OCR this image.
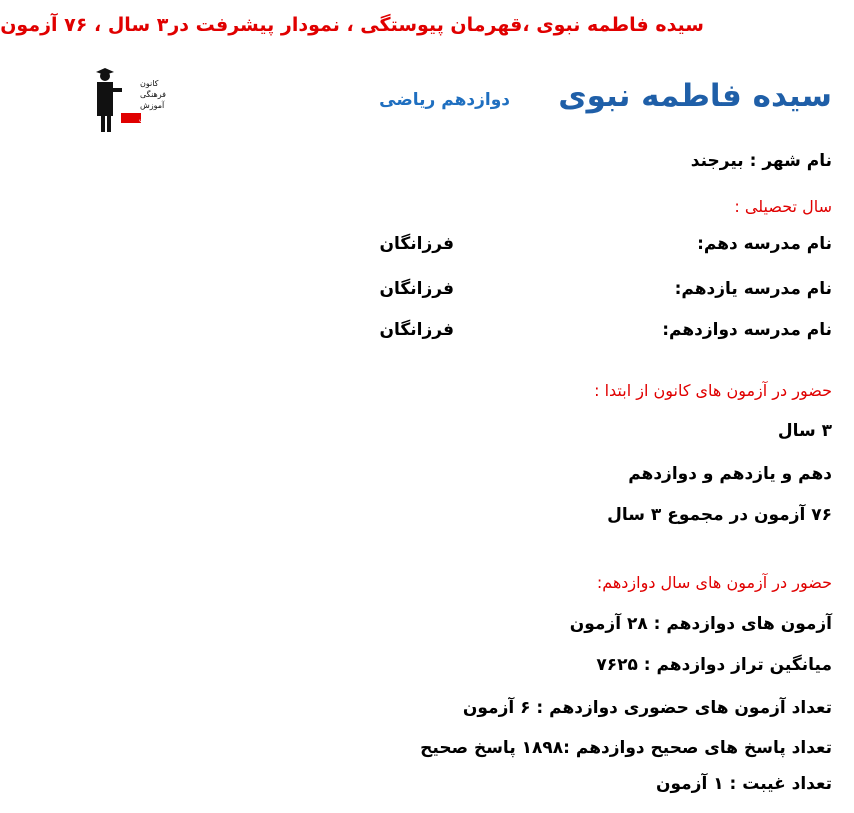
سیده فاطمه نبوی ،قهرمان پیوستگی ، نمودار پیشرفت در۳ سال ، ۷۶ آزمون
سیده فاطمه نبوی
دوازدهم ریاضی
کانون
فرهنگی
آموزش
قلم‌چی
نام شهر : بیرجند
سال تحصیلی :
نام مدرسه دهم:
فرزانگان
نام مدرسه یازدهم:
فرزانگان
نام مدرسه دوازدهم:
فرزانگان
حضور در آزمون های کانون از ابتدا :
۳ سال
دهم و یازدهم و دوازدهم
۷۶ آزمون در مجموع ۳ سال
حضور در آزمون های سال دوازدهم:
آزمون های دوازدهم : ۲۸ آزمون
میانگین تراز دوازدهم : ۷۶۲۵
تعداد آزمون های حضوری دوازدهم : ۶ آزمون
تعداد پاسخ های صحیح دوازدهم :۱۸۹۸ پاسخ صحیح
تعداد غیبت : ۱ آزمون
